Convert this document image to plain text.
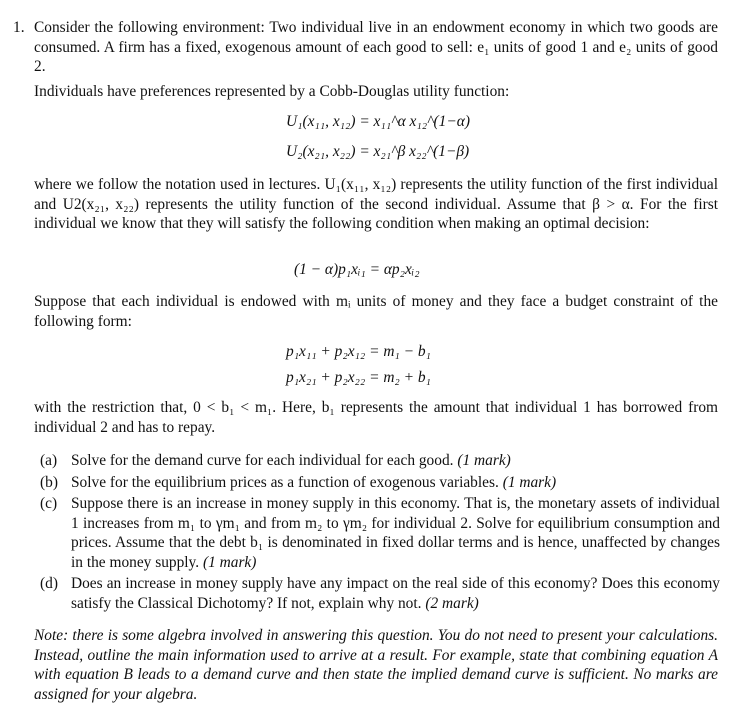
1. Consider the following environment: Two individual live in an endowment economy in which two goods are consumed. A firm has a fixed, exogenous amount of each good to sell: e₁ units of good 1 and e₂ units of good 2.
Individuals have preferences represented by a Cobb-Douglas utility function:
U₁(x₁₁, x₁₂) = x₁₁^α x₁₂^(1−α)
U₂(x₂₁, x₂₂) = x₂₁^β x₂₂^(1−β)
where we follow the notation used in lectures. U₁(x₁₁, x₁₂) represents the utility function of the first individual and U2(x₂₁, x₂₂) represents the utility function of the second individual. Assume that β > α. For the first individual we know that they will satisfy the following condition when making an optimal decision:
(1 − α)p₁xᵢ₁ = αp₂xᵢ₂
Suppose that each individual is endowed with mᵢ units of money and they face a budget constraint of the following form:
p₁x₁₁ + p₂x₁₂ = m₁ − b₁
p₁x₂₁ + p₂x₂₂ = m₂ + b₁
with the restriction that, 0 < b₁ < m₁. Here, b₁ represents the amount that individual 1 has borrowed from individual 2 and has to repay.
(a) Solve for the demand curve for each individual for each good. (1 mark)
(b) Solve for the equilibrium prices as a function of exogenous variables. (1 mark)
(c) Suppose there is an increase in money supply in this economy. That is, the monetary assets of individual 1 increases from m₁ to γm₁ and from m₂ to γm₂ for individual 2. Solve for equilibrium consumption and prices. Assume that the debt b₁ is denominated in fixed dollar terms and is hence, unaffected by changes in the money supply. (1 mark)
(d) Does an increase in money supply have any impact on the real side of this economy? Does this economy satisfy the Classical Dichotomy? If not, explain why not. (2 mark)
Note: there is some algebra involved in answering this question. You do not need to present your calculations. Instead, outline the main information used to arrive at a result. For example, state that combining equation A with equation B leads to a demand curve and then state the implied demand curve is sufficient. No marks are assigned for your algebra.
